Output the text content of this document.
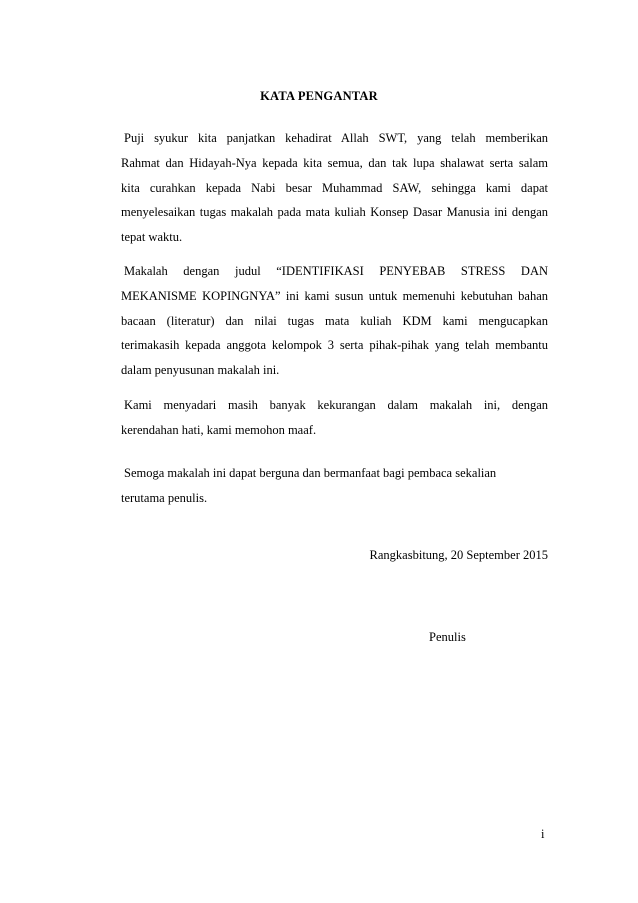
KATA PENGANTAR
Puji syukur kita panjatkan kehadirat Allah SWT, yang telah memberikan
Rahmat dan Hidayah-Nya kepada kita semua, dan tak lupa shalawat serta salam
kita curahkan kepada Nabi besar Muhammad SAW, sehingga kami dapat
menyelesaikan tugas makalah pada mata kuliah Konsep Dasar Manusia ini dengan
tepat waktu.
Makalah dengan judul “IDENTIFIKASI PENYEBAB STRESS DAN
MEKANISME KOPINGNYA” ini kami susun untuk memenuhi kebutuhan bahan
bacaan (literatur) dan nilai tugas mata kuliah KDM kami mengucapkan
terimakasih kepada anggota kelompok 3 serta pihak-pihak yang telah membantu
dalam penyusunan makalah ini.
Kami menyadari masih banyak kekurangan dalam makalah ini, dengan
kerendahan hati, kami memohon maaf.
Semoga makalah ini dapat berguna dan bermanfaat bagi pembaca sekalian
terutama penulis.
Rangkasbitung, 20 September 2015
Penulis
i
